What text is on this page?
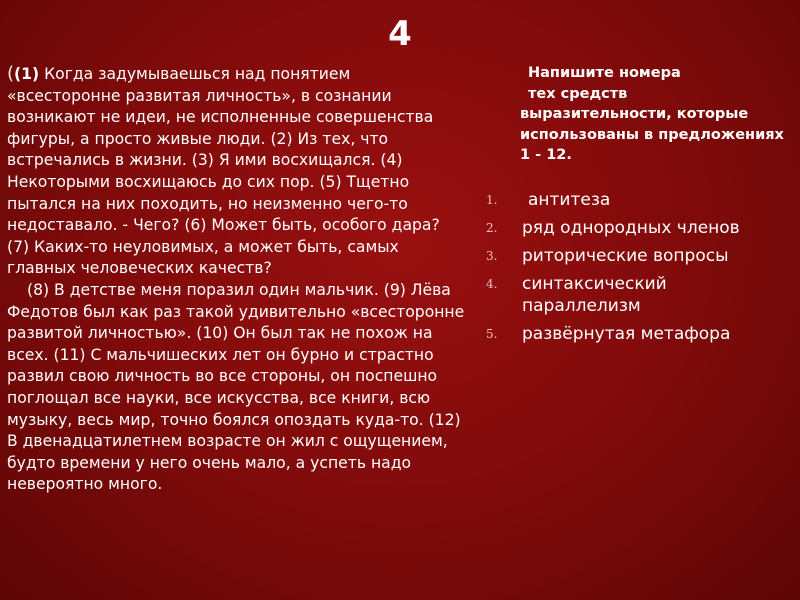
4

((1) Когда задумываешься над понятием «всесторонне развитая личность», в сознании возникают не идеи, не исполненные совершенства фигуры, а просто живые люди. (2) Из тех, что встречались в жизни. (3) Я ими восхищался. (4) Некоторыми восхищаюсь до сих пор. (5) Тщетно пытался на них походить, но неизменно чего-то недоставало. - Чего? (6) Может быть, особого дара? (7) Каких-то неуловимых, а может быть, самых главных человеческих качеств?

(8) В детстве меня поразил один мальчик. (9) Лёва Федотов был как раз такой удивительно «всесторонне развитой личностью». (10) Он был так не похож на всех. (11) С мальчишеских лет он бурно и страстно развил свою личность во все стороны, он поспешно поглощал все науки, все искусства, все книги, всю музыку, весь мир, точно боялся опоздать куда-то. (12) В двенадцатилетнем возрасте он жил с ощущением, будто времени у него очень мало, а успеть надо невероятно много.

Напишите номера
тех средств
выразительности, которые использованы в предложениях 1 - 12.
1.	антитеза
2.	ряд однородных членов
3.	риторические вопросы
4.	синтаксический параллелизм
5.	развёрнутая метафора
